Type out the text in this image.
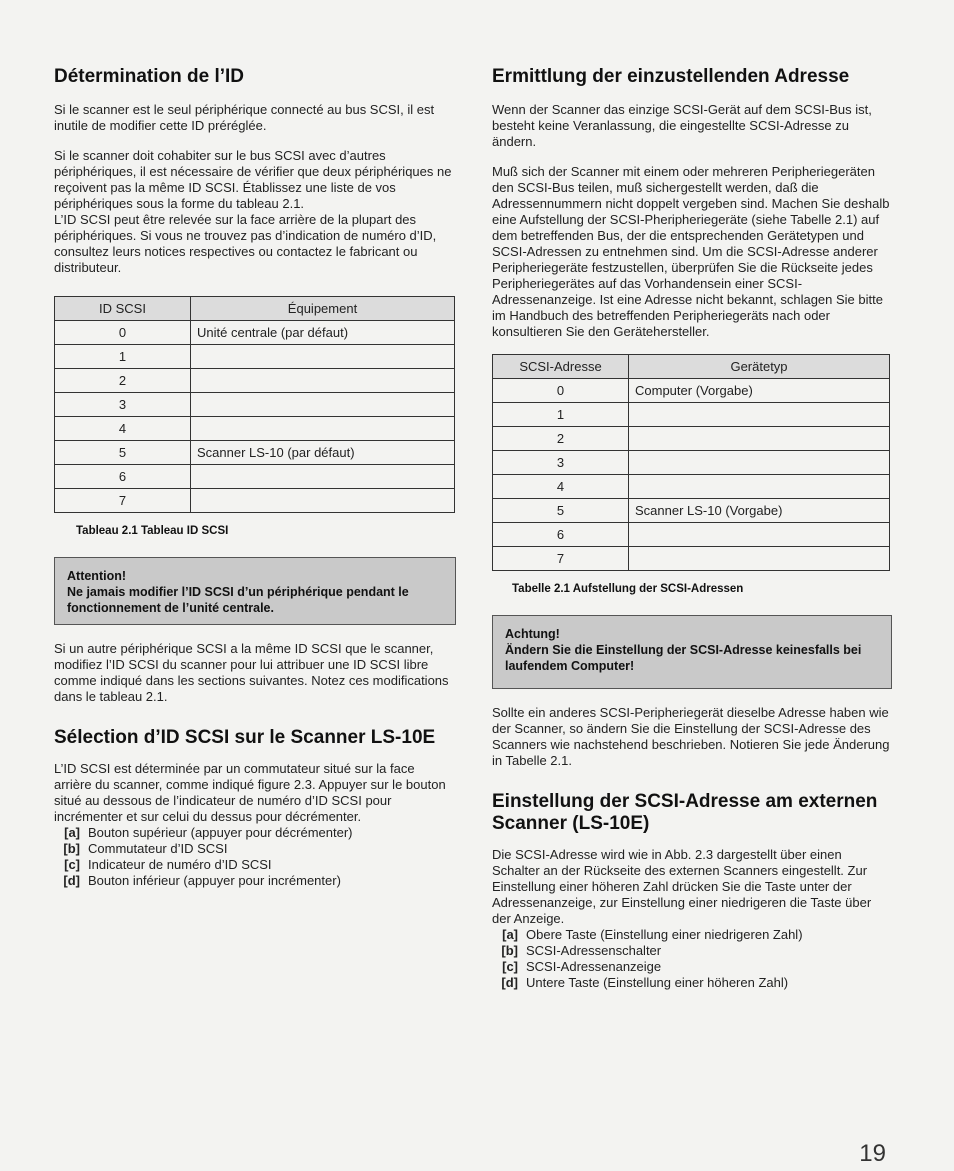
Détermination de l’ID

Si le scanner est le seul périphérique connecté au bus SCSI, il est inutile de modifier cette ID préréglée.

Si le scanner doit cohabiter sur le bus SCSI avec d’autres périphériques, il est nécessaire de vérifier que deux périphériques ne reçoivent pas la même ID SCSI. Établissez une liste de vos périphériques sous la forme du tableau 2.1.

L’ID SCSI peut être relevée sur la face arrière de la plupart des périphériques. Si vous ne trouvez pas d’indication de numéro d’ID, consultez leurs notices respectives ou contactez le fabricant ou distributeur.

ID SCSI	Équipement
0	Unité centrale (par défaut)
1	
2	
3	
4	
5	Scanner LS-10 (par défaut)
6	
7	
Tableau 2.1 Tableau ID SCSI
Attention!
Ne jamais modifier l’ID SCSI d’un périphérique pendant le fonctionnement de l’unité centrale.

Si un autre périphérique SCSI a la même ID SCSI que le scanner, modifiez l’ID SCSI du scanner pour lui attribuer une ID SCSI libre comme indiqué dans les sections suivantes. Notez ces modifications dans le tableau 2.1.

Sélection d’ID SCSI sur le Scanner LS-10E

L’ID SCSI est déterminée par un commutateur situé sur la face arrière du scanner, comme indiqué figure 2.3. Appuyer sur le bouton situé au dessous de l’indicateur de numéro d’ID SCSI pour incrémenter et sur celui du dessus pour décrémenter.

[a] Bouton supérieur (appuyer pour décrémenter)
[b] Commutateur d’ID SCSI
[c] Indicateur de numéro d’ID SCSI
[d] Bouton inférieur (appuyer pour incrémenter)
Ermittlung der einzustellenden Adresse

Wenn der Scanner das einzige SCSI-Gerät auf dem SCSI-Bus ist, besteht keine Veranlassung, die eingestellte SCSI-Adresse zu ändern.

Muß sich der Scanner mit einem oder mehreren Peripheriegeräten den SCSI-Bus teilen, muß sichergestellt werden, daß die Adressennummern nicht doppelt vergeben sind. Machen Sie deshalb eine Aufstellung der SCSI-Pheripheriegeräte (siehe Tabelle 2.1) auf dem betreffenden Bus, der die entsprechenden Gerätetypen und SCSI-Adressen zu entnehmen sind. Um die SCSI-Adresse anderer Peripheriegeräte festzustellen, überprüfen Sie die Rückseite jedes Peripheriegerätes auf das Vorhandensein einer SCSI-Adressenanzeige. Ist eine Adresse nicht bekannt, schlagen Sie bitte im Handbuch des betreffenden Peripheriegeräts nach oder konsultieren Sie den Gerätehersteller.

SCSI-Adresse	Gerätetyp
0	Computer (Vorgabe)
1	
2	
3	
4	
5	Scanner LS-10 (Vorgabe)
6	
7	
Tabelle 2.1 Aufstellung der SCSI-Adressen
Achtung!
Ändern Sie die Einstellung der SCSI-Adresse keinesfalls bei laufendem Computer!

Sollte ein anderes SCSI-Peripheriegerät dieselbe Adresse haben wie der Scanner, so ändern Sie die Einstellung der SCSI-Adresse des Scanners wie nachstehend beschrieben. Notieren Sie jede Änderung in Tabelle 2.1.

Einstellung der SCSI-Adresse am externen Scanner (LS-10E)

Die SCSI-Adresse wird wie in Abb. 2.3 dargestellt über einen Schalter an der Rückseite des externen Scanners eingestellt. Zur Einstellung einer höheren Zahl drücken Sie die Taste unter der Adressenanzeige, zur Einstellung einer niedrigeren die Taste über der Anzeige.

[a] Obere Taste (Einstellung einer niedrigeren Zahl)
[b] SCSI-Adressenschalter
[c] SCSI-Adressenanzeige
[d] Untere Taste (Einstellung einer höheren Zahl)
19
